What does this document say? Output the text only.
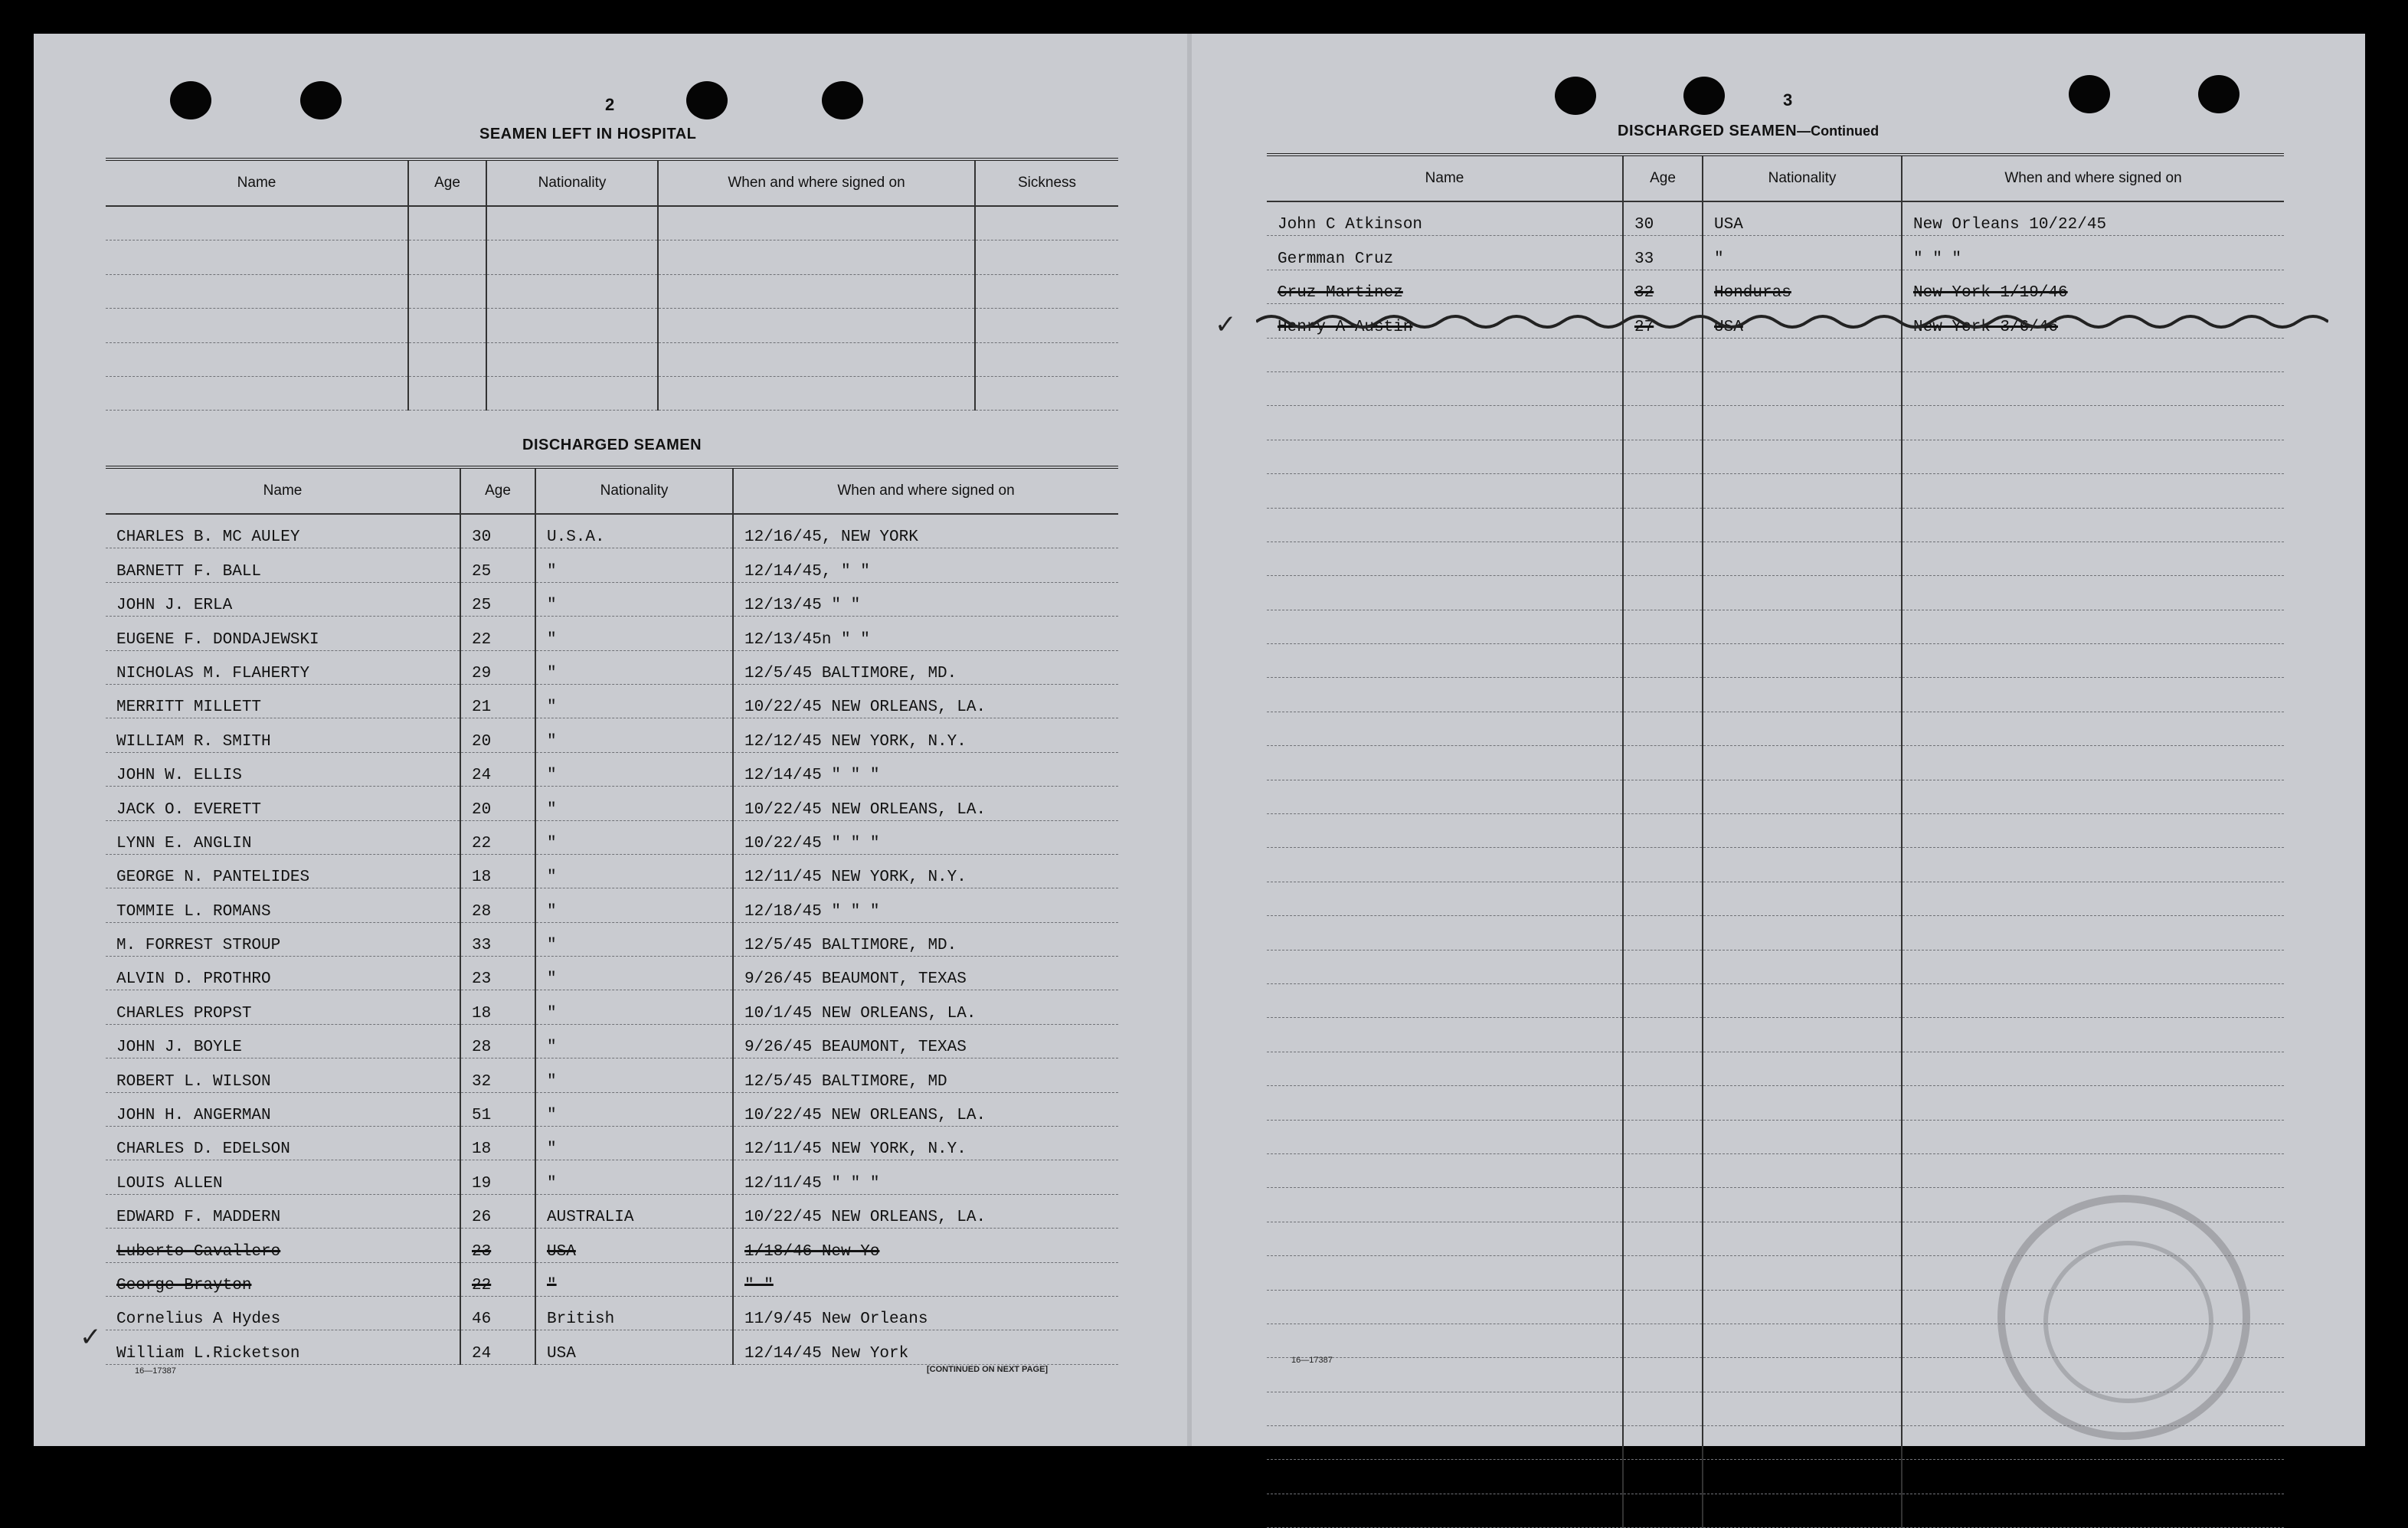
2
SEAMEN LEFT IN HOSPITAL
Name	Age	Nationality	When and where signed on	Sickness

DISCHARGED SEAMEN
Name	Age	Nationality	When and where signed on
CHARLES B. MC AULEY	30	U.S.A.	12/16/45, NEW YORK
BARNETT F. BALL	25	"	12/14/45, " "
JOHN J. ERLA	25	"	12/13/45 " "
EUGENE F. DONDAJEWSKI	22	"	12/13/45n " "
NICHOLAS M. FLAHERTY	29	"	12/5/45 BALTIMORE, MD.
MERRITT MILLETT	21	"	10/22/45 NEW ORLEANS, LA.
WILLIAM R. SMITH	20	"	12/12/45 NEW YORK, N.Y.
JOHN W. ELLIS	24	"	12/14/45 " " "
JACK O. EVERETT	20	"	10/22/45 NEW ORLEANS, LA.
LYNN E. ANGLIN	22	"	10/22/45 " " "
GEORGE N. PANTELIDES	18	"	12/11/45 NEW YORK, N.Y.
TOMMIE L. ROMANS	28	"	12/18/45 " " "
M. FORREST STROUP	33	"	12/5/45 BALTIMORE, MD.
ALVIN D. PROTHRO	23	"	9/26/45 BEAUMONT, TEXAS
CHARLES PROPST	18	"	10/1/45 NEW ORLEANS, LA.
JOHN J. BOYLE	28	"	9/26/45 BEAUMONT, TEXAS
ROBERT L. WILSON	32	"	12/5/45 BALTIMORE, MD
JOHN H. ANGERMAN	51	"	10/22/45 NEW ORLEANS, LA.
CHARLES D. EDELSON	18	"	12/11/45 NEW YORK, N.Y.
LOUIS ALLEN	19	"	12/11/45 " " "
EDWARD F. MADDERN	26	AUSTRALIA	10/22/45 NEW ORLEANS, LA.
Luberto Cavallero	23	USA	1/18/46 New Yo
George Brayton	22	"	" "
Cornelius A Hydes	46	British	11/9/45 New Orleans
William L.Ricketson	24	USA	12/14/45 New York
✓
16—17387	[CONTINUED ON NEXT PAGE]
3
DISCHARGED SEAMEN—Continued
Name	Age	Nationality	When and where signed on
John C Atkinson	30	USA	New Orleans 10/22/45
Germman Cruz	33	"	" " "
Cruz Martinez	32	Honduras	New York 1/19/46
Henry A Austin	27	USA	New York 3/6/46

✓
16—17387
